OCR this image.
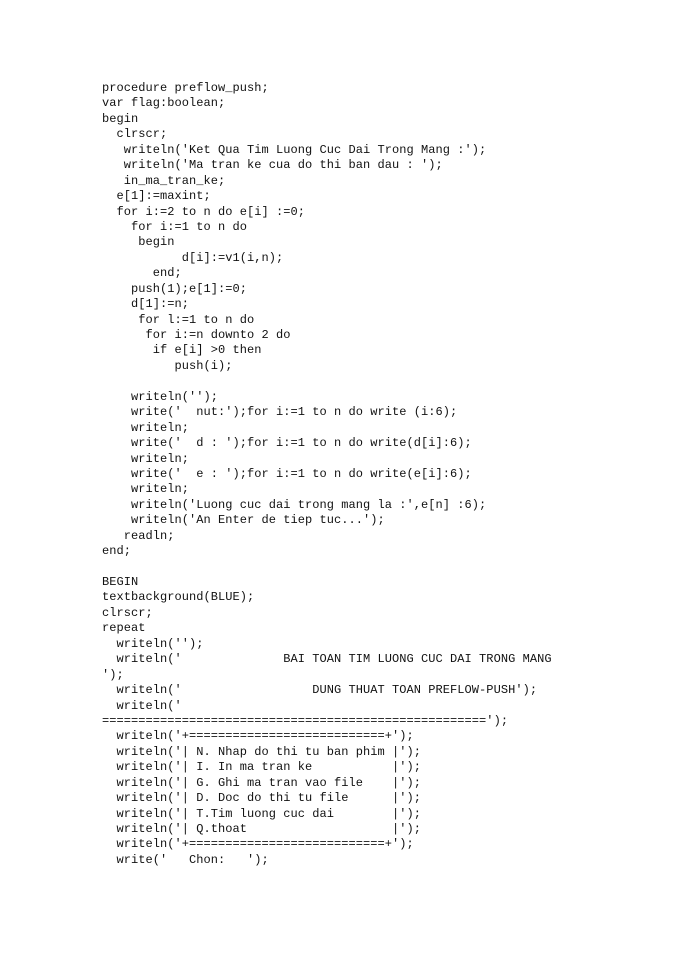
procedure preflow_push;
var flag:boolean;
begin
clrscr;
writeln('Ket Qua Tim Luong Cuc Dai Trong Mang :');
writeln('Ma tran ke cua do thi ban dau : ');
in_ma_tran_ke;
e[1]:=maxint;
for i:=2 to n do e[i] :=0;
for i:=1 to n do
begin
d[i]:=v1(i,n);
end;
push(1);e[1]:=0;
d[1]:=n;
for l:=1 to n do
for i:=n downto 2 do
if e[i] >0 then
push(i);
writeln('');
write('  nut:');for i:=1 to n do write (i:6);
writeln;
write('  d : ');for i:=1 to n do write(d[i]:6);
writeln;
write('  e : ');for i:=1 to n do write(e[i]:6);
writeln;
writeln('Luong cuc dai trong mang la :',e[n] :6);
writeln('An Enter de tiep tuc...');
readln;
end;
BEGIN
textbackground(BLUE);
clrscr;
repeat
writeln('');
writeln('              BAI TOAN TIM LUONG CUC DAI TRONG MANG
');
writeln('                  DUNG THUAT TOAN PREFLOW-PUSH');
writeln('
=====================================================');
writeln('+===========================+');
writeln('| N. Nhap do thi tu ban phim |');
writeln('| I. In ma tran ke           |');
writeln('| G. Ghi ma tran vao file    |');
writeln('| D. Doc do thi tu file      |');
writeln('| T.Tim luong cuc dai        |');
writeln('| Q.thoat                    |');
writeln('+===========================+');
write('   Chon:   ');
